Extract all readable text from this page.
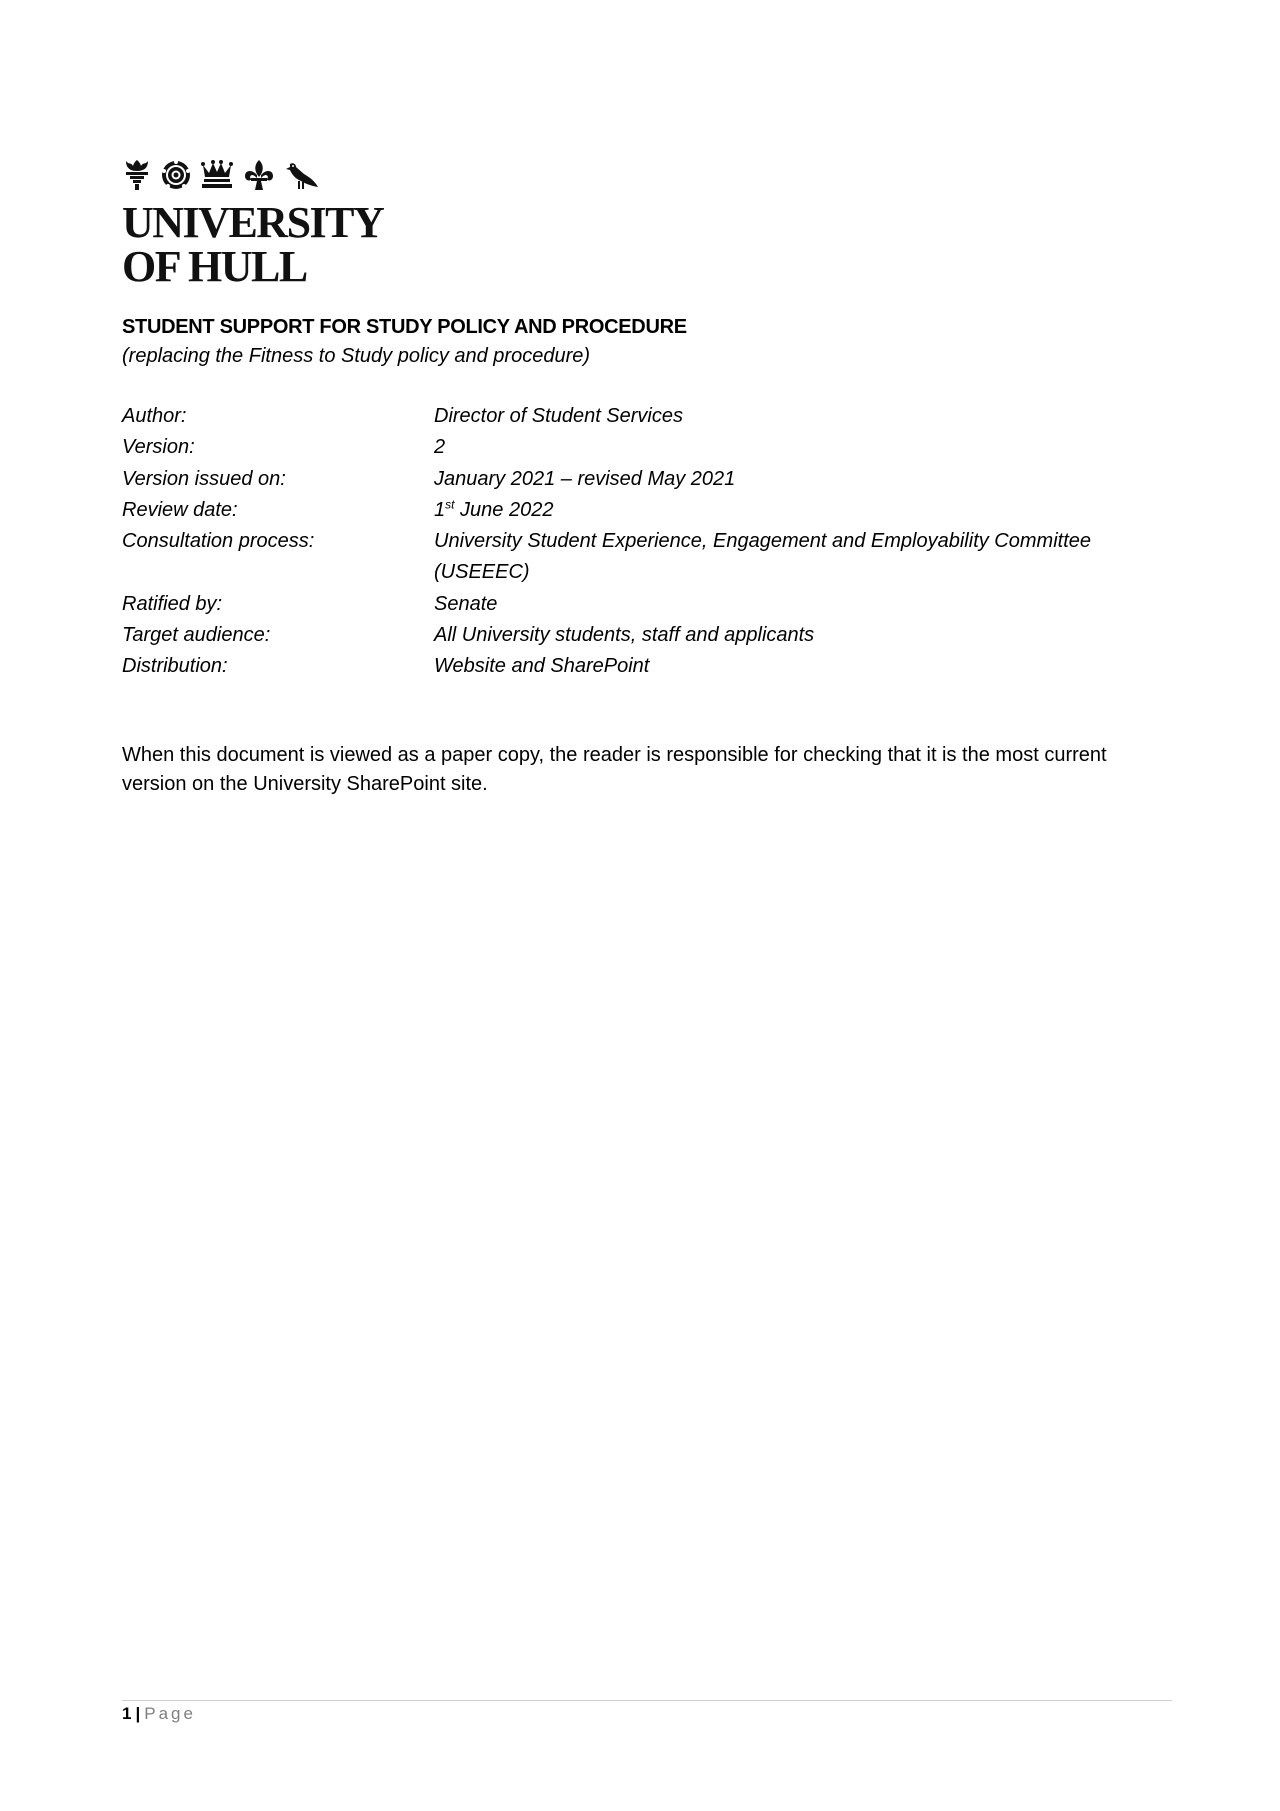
UNIVERSITY
OF HULL
STUDENT SUPPORT FOR STUDY POLICY AND PROCEDURE
(replacing the Fitness to Study policy and procedure)
Author:	Director of Student Services
Version:	2
Version issued on:	January 2021 – revised May 2021
Review date:	1st June 2022
Consultation process:	University Student Experience, Engagement and Employability Committee (USEEEC)
Ratified by:	Senate
Target audience:	All University students, staff and applicants
Distribution:	Website and SharePoint
When this document is viewed as a paper copy, the reader is responsible for checking that it is the most current version on the University SharePoint site.
1 | Page
